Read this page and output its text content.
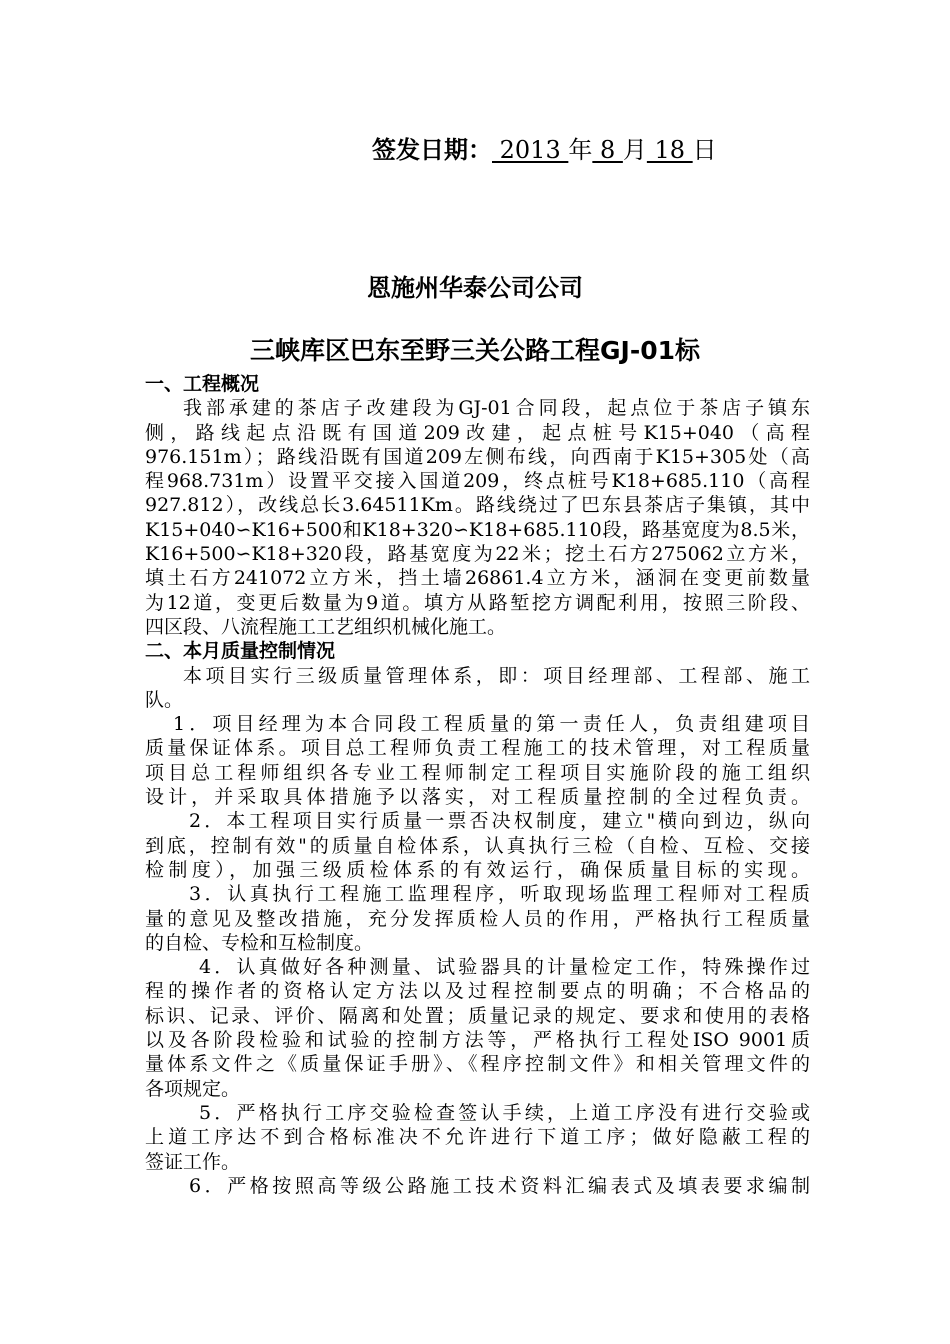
签发日期： 2013 年 8 月 18 日
恩施州华泰公司公司
三峡库区巴东至野三关公路工程GJ-01标
一、工程概况
我部承建的茶店子改建段为GJ-01合同段，起点位于茶店子镇东
侧，路线起点沿既有国道209改建，起点桩号K15+040（高程
976.151m）；路线沿既有国道209左侧布线，向西南于K15+305处（高
程968.731m）设置平交接入国道209，终点桩号K18+685.110（高程
927.812），改线总长3.64511Km。路线绕过了巴东县茶店子集镇，其中
K15+040∽K16+500和K18+320∽K18+685.110段，路基宽度为8.5米，
K16+500∽K18+320段，路基宽度为22米；挖土石方275062立方米，
填土石方241072立方米，挡土墙26861.4立方米，涵洞在变更前数量
为12道，变更后数量为9道。填方从路堑挖方调配利用，按照三阶段、
四区段、八流程施工工艺组织机械化施工。
二、本月质量控制情况
本项目实行三级质量管理体系，即：项目经理部、工程部、施工
队。
1．项目经理为本合同段工程质量的第一责任人，负责组建项目
质量保证体系。项目总工程师负责工程施工的技术管理，对工程质量
项目总工程师组织各专业工程师制定工程项目实施阶段的施工组织
设计，并采取具体措施予以落实，对工程质量控制的全过程负责。
2．本工程项目实行质量一票否决权制度，建立"横向到边，纵向
到底，控制有效"的质量自检体系，认真执行三检（自检、互检、交接
检制度），加强三级质检体系的有效运行，确保质量目标的实现。
3．认真执行工程施工监理程序，听取现场监理工程师对工程质
量的意见及整改措施，充分发挥质检人员的作用，严格执行工程质量
的自检、专检和互检制度。
4．认真做好各种测量、试验器具的计量检定工作，特殊操作过
程的操作者的资格认定方法以及过程控制要点的明确；不合格品的
标识、记录、评价、隔离和处置；质量记录的规定、要求和使用的表格
以及各阶段检验和试验的控制方法等，严格执行工程处ISO 9001质
量体系文件之《质量保证手册》、《程序控制文件》和相关管理文件的
各项规定。
5．严格执行工序交验检查签认手续，上道工序没有进行交验或
上道工序达不到合格标准决不允许进行下道工序；做好隐蔽工程的
签证工作。
6．严格按照高等级公路施工技术资料汇编表式及填表要求编制
